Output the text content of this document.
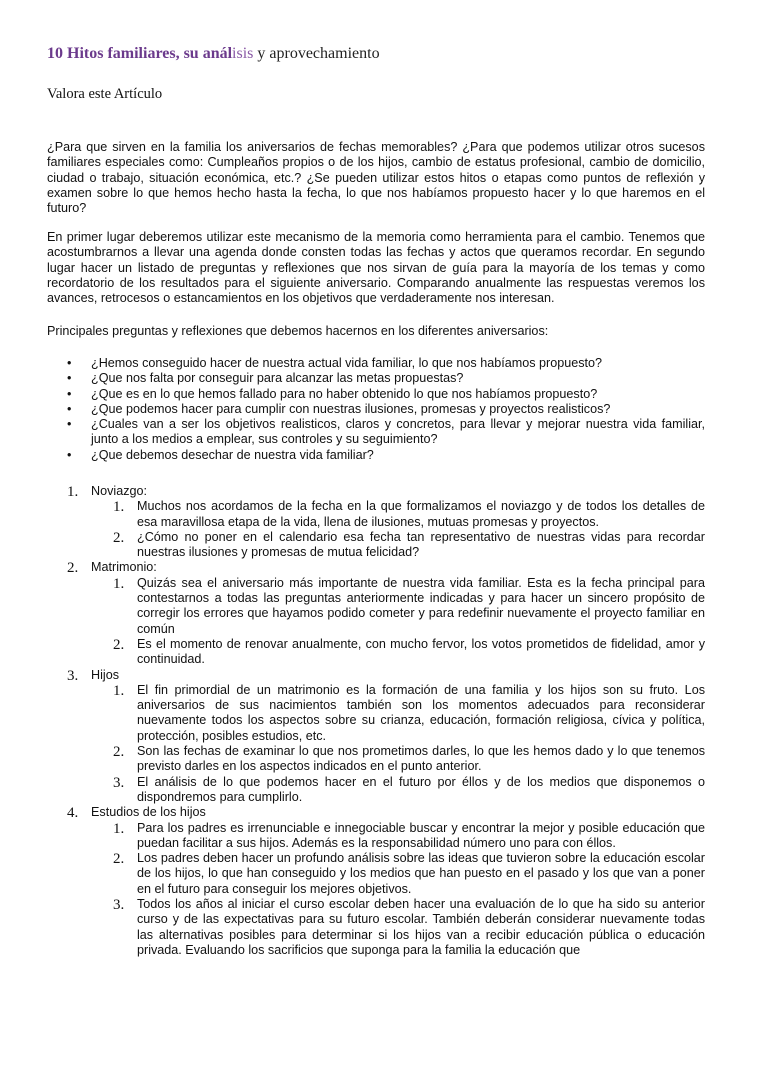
10 Hitos familiares, su análisis y aprovechamiento
Valora este Artículo
¿Para que sirven en la familia los aniversarios de fechas memorables? ¿Para que podemos utilizar otros sucesos familiares especiales como: Cumpleaños propios o de los hijos, cambio de estatus profesional, cambio de domicilio, ciudad o trabajo, situación económica, etc.? ¿Se pueden utilizar estos hitos o etapas como puntos de reflexión y examen sobre lo que hemos hecho hasta la fecha, lo que nos habíamos propuesto hacer y lo que haremos en el futuro?
En primer lugar deberemos utilizar este mecanismo de la memoria como herramienta para el cambio. Tenemos que acostumbrarnos a llevar una agenda donde consten todas las fechas y actos que queramos recordar. En segundo lugar hacer un listado de preguntas y reflexiones que nos sirvan de guía para la mayoría de los temas y como recordatorio de los resultados para el siguiente aniversario. Comparando anualmente las respuestas veremos los avances, retrocesos o estancamientos en los objetivos que verdaderamente nos interesan.
Principales preguntas y reflexiones que debemos hacernos en los diferentes aniversarios:
• ¿Hemos conseguido hacer de nuestra actual vida familiar, lo que nos habíamos propuesto?
• ¿Que nos falta por conseguir para alcanzar las metas propuestas?
• ¿Que es en lo que hemos fallado para no haber obtenido lo que nos habíamos propuesto?
• ¿Que podemos hacer para cumplir con nuestras ilusiones, promesas y proyectos realisticos?
• ¿Cuales van a ser los objetivos realisticos, claros y concretos, para llevar y mejorar nuestra vida familiar, junto a los medios a emplear, sus controles y su seguimiento?
• ¿Que debemos desechar de nuestra vida familiar?
1. Noviazgo:
1. Muchos nos acordamos de la fecha en la que formalizamos el noviazgo y de todos los detalles de esa maravillosa etapa de la vida, llena de ilusiones, mutuas promesas y proyectos.
2. ¿Cómo no poner en el calendario esa fecha tan representativo de nuestras vidas para recordar nuestras ilusiones y promesas de mutua felicidad?
2. Matrimonio:
1. Quizás sea el aniversario más importante de nuestra vida familiar. Esta es la fecha principal para contestarnos a todas las preguntas anteriormente indicadas y para hacer un sincero propósito de corregir los errores que hayamos podido cometer y para redefinir nuevamente el proyecto familiar en común
2. Es el momento de renovar anualmente, con mucho fervor, los votos prometidos de fidelidad, amor y continuidad.
3. Hijos
1. El fin primordial de un matrimonio es la formación de una familia y los hijos son su fruto. Los aniversarios de sus nacimientos también son los momentos adecuados para reconsiderar nuevamente todos los aspectos sobre su crianza, educación, formación religiosa, cívica y política, protección, posibles estudios, etc.
2. Son las fechas de examinar lo que nos prometimos darles, lo que les hemos dado y lo que tenemos previsto darles en los aspectos indicados en el punto anterior.
3. El análisis de lo que podemos hacer en el futuro por éllos y de los medios que disponemos o dispondremos para cumplirlo.
4. Estudios de los hijos
1. Para los padres es irrenunciable e innegociable buscar y encontrar la mejor y posible educación que puedan facilitar a sus hijos. Además es la responsabilidad número uno para con éllos.
2. Los padres deben hacer un profundo análisis sobre las ideas que tuvieron sobre la educación escolar de los hijos, lo que han conseguido y los medios que han puesto en el pasado y los que van a poner en el futuro para conseguir los mejores objetivos.
3. Todos los años al iniciar el curso escolar deben hacer una evaluación de lo que ha sido su anterior curso y de las expectativas para su futuro escolar. También deberán considerar nuevamente todas las alternativas posibles para determinar si los hijos van a recibir educación pública o educación privada. Evaluando los sacrificios que suponga para la familia la educación que
